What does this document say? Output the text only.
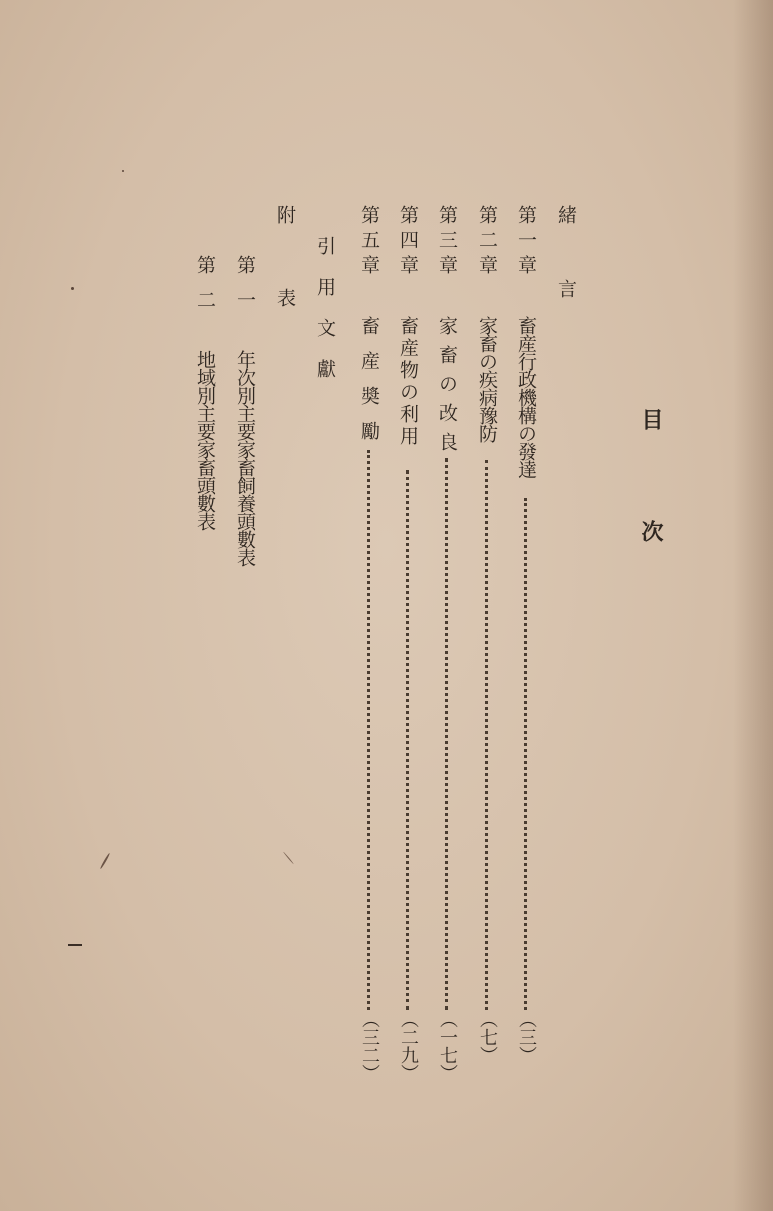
目
次
緒　言
第一章
畜産行政機構の發達
（三）
第二章
家畜の疾病豫防
（七）
第三章
家畜の改良
（一七）
第四章
畜産物の利用
（二九）
第五章
畜産奬勵
（三二）
引用文獻
附表
第一
年次別主要家畜飼養頭數表
第二
地域別主要家畜頭數表
